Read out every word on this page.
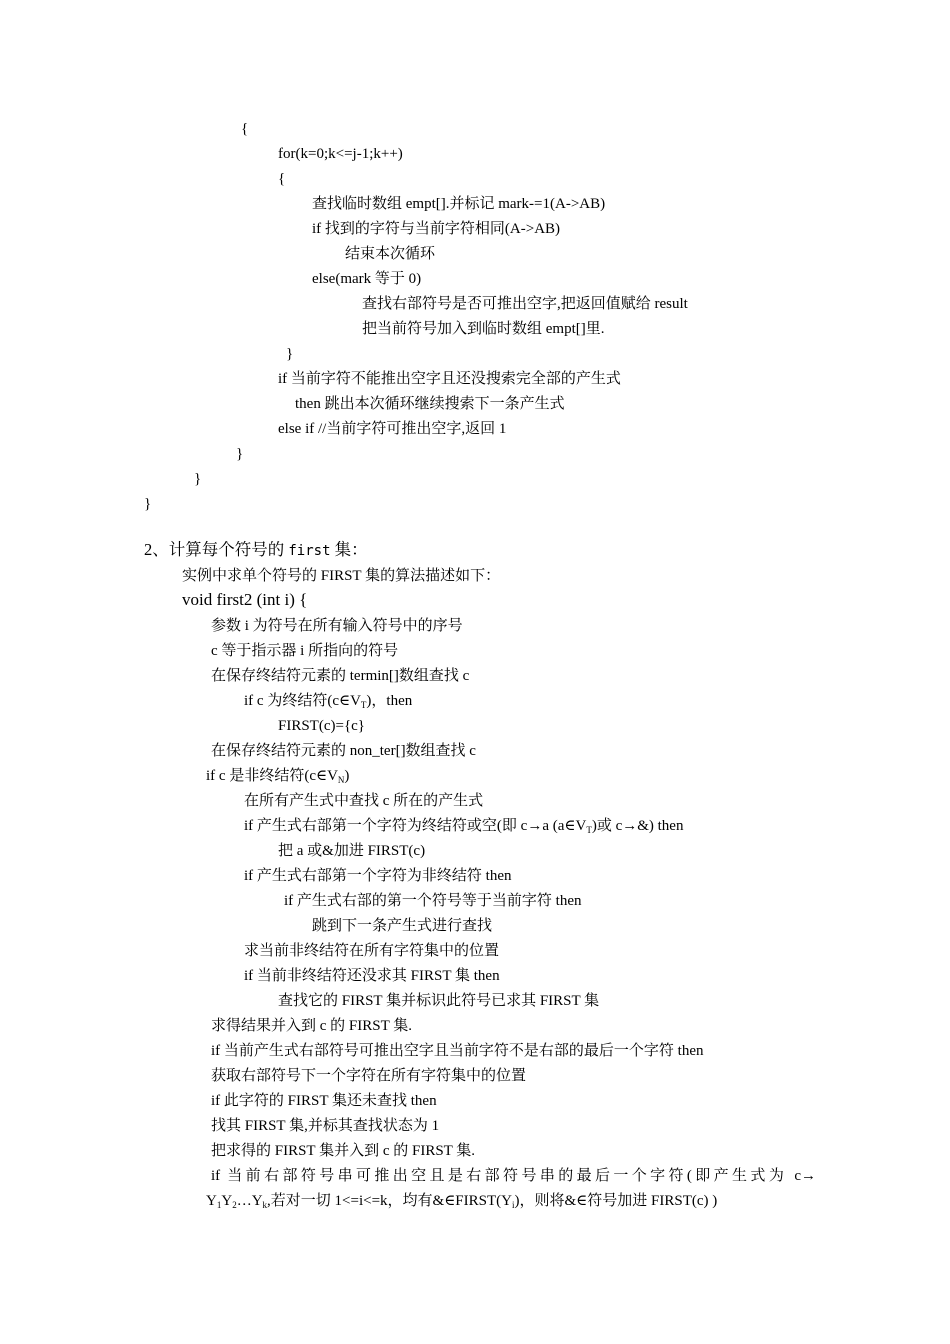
{
for(k=0;k<=j-1;k++)
{
查找临时数组 empt[].并标记 mark-=1(A->AB)
if 找到的字符与当前字符相同(A->AB)
结束本次循环
else(mark 等于 0)
查找右部符号是否可推出空字,把返回值赋给 result
把当前符号加入到临时数组 empt[]里.
}
if 当前字符不能推出空字且还没搜索完全部的产生式
then 跳出本次循环继续搜索下一条产生式
else if //当前字符可推出空字,返回 1
}
}
}
2、计算每个符号的 first 集：
实例中求单个符号的 FIRST 集的算法描述如下：
void first2 (int i) {
参数 i 为符号在所有输入符号中的序号
c 等于指示器 i 所指向的符号
在保存终结符元素的 termin[]数组查找 c
if c 为终结符$(c\in V_T)$，then
FIRST(c)={c}
在保存终结符元素的 non_ter[]数组查找 c
if c 是非终结符$(c\in V_N)$
在所有产生式中查找 c 所在的产生式
if 产生式右部第一个字符为终结符或空(即 c→a $(a\in V_T)$或 c→&) then
把 a 或&加进 FIRST(c)
if 产生式右部第一个字符为非终结符 then
if 产生式右部的第一个符号等于当前字符 then
跳到下一条产生式进行查找
求当前非终结符在所有字符集中的位置
if 当前非终结符还没求其 FIRST 集 then
查找它的 FIRST 集并标识此符号已求其 FIRST 集
求得结果并入到 c 的 FIRST 集.
if 当前产生式右部符号可推出空字且当前字符不是右部的最后一个字符 then
获取右部符号下一个字符在所有字符集中的位置
if 此字符的 FIRST 集还未查找 then
找其 FIRST 集,并标其查找状态为 1
把求得的 FIRST 集并入到 c 的 FIRST 集.
if 当前右部符号串可推出空且是右部符号串的最后一个字符(即产生式为 c→
$Y_1Y_2\dots Y_k$,若对一切 1<=i<=k，均有$\&\in FIRST(Y_i)$，则将&∈符号加进 FIRST(c) )
